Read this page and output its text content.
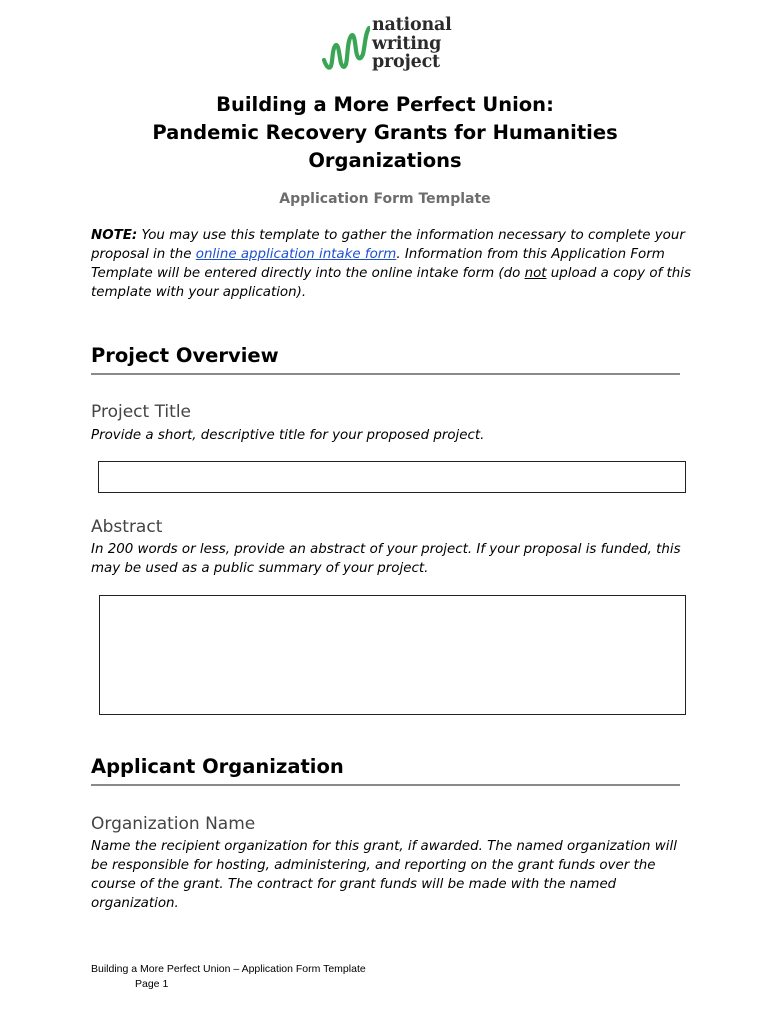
national
writing
project
Building a More Perfect Union:
Pandemic Recovery Grants for Humanities
Organizations
Application Form Template
NOTE: You may use this template to gather the information necessary to complete your proposal in the online application intake form. Information from this Application Form Template will be entered directly into the online intake form (do not upload a copy of this template with your application).
Project Overview
Project Title
Provide a short, descriptive title for your proposed project.
Abstract
In 200 words or less, provide an abstract of your project. If your proposal is funded, this may be used as a public summary of your project.
Applicant Organization
Organization Name
Name the recipient organization for this grant, if awarded. The named organization will be responsible for hosting, administering, and reporting on the grant funds over the course of the grant. The contract for grant funds will be made with the named organization.
Building a More Perfect Union – Application Form Template
Page 1
